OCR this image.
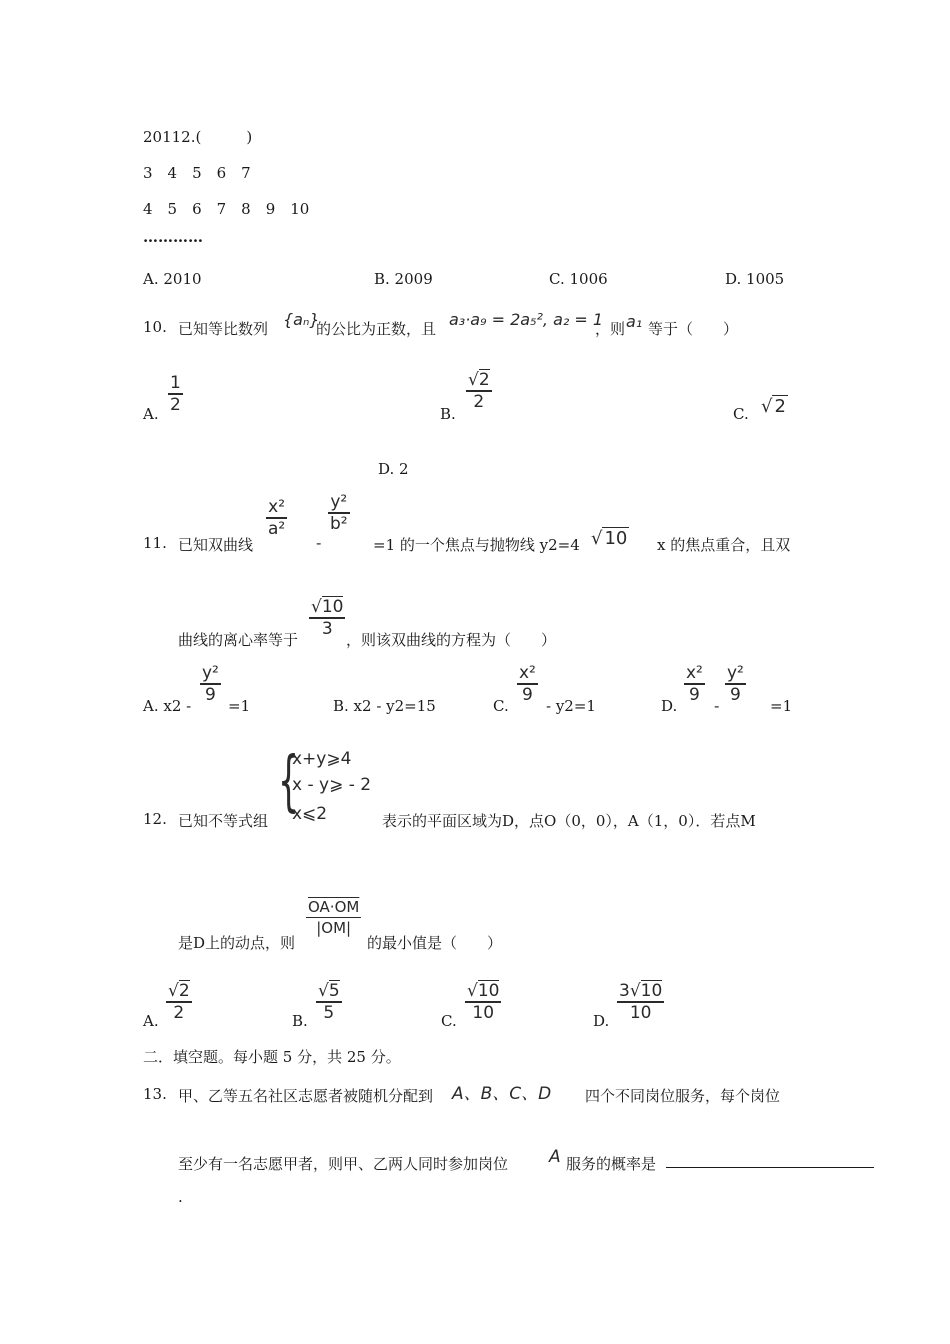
20112.(　　　)
3　4　5　6　7
4　5　6　7　8　9　10
…………
A. 2010	B. 2009	C. 1006	D. 1005
10. 已知等比数列 {aₙ}
的公比为正数，且 a₃·a₉ = 2a₅², a₂ = 1
，则 a₁ 等于（　　）
A.
1
2	B.
√2
2
C. √ 2
D. 2
11. 已知双曲线
x²
a²
-
y²
b²
=1 的一个焦点与抛物线 y2=4 √ 10 x 的焦点重合，且双
曲线的离心率等于
√10
3
，则该双曲线的方程为（　　）
A. x2 -
y²
9
=1	B. x2 - y2=15	C.
x²
9
- y2=1	D.
x²
9
-
y²
9
=1
12. 已知不等式组
{
x+y⩾4
x - y⩾ - 2
x⩽2	表示的平面区域为D，点O（0，0），A（1，0）．若点M
是D上的动点，则
OA·OM
|OM|
的最小值是（　　）
A.
√2
2	B.
√5
5	C.
√10
10	D.
3√10
10
二．填空题。每小题 5 分，共 25 分。
13. 甲、乙等五名社区志愿者被随机分配到 A、B、C、D 四个不同岗位服务，每个岗位
至少有一名志愿甲者，则甲、乙两人同时参加岗位 A 服务的概率是
.
